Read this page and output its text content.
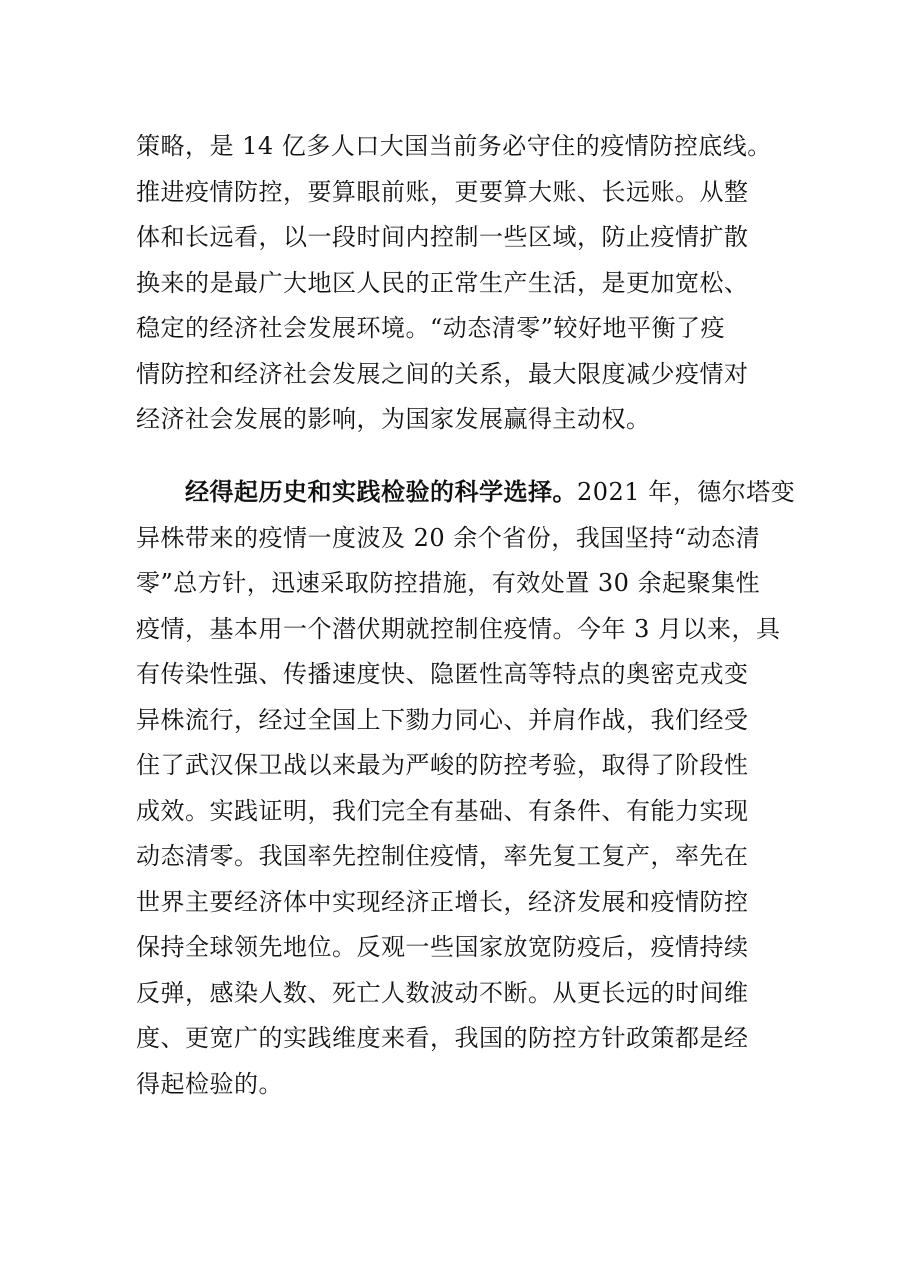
策略，是 14 亿多人口大国当前务必守住的疫情防控底线。
推进疫情防控，要算眼前账，更要算大账、长远账。从整
体和长远看，以一段时间内控制一些区域，防止疫情扩散
换来的是最广大地区人民的正常生产生活，是更加宽松、
稳定的经济社会发展环境。“动态清零”较好地平衡了疫
情防控和经济社会发展之间的关系，最大限度减少疫情对
经济社会发展的影响，为国家发展赢得主动权。
　　经得起历史和实践检验的科学选择。2021 年，德尔塔变
异株带来的疫情一度波及 20 余个省份，我国坚持“动态清
零”总方针，迅速采取防控措施，有效处置 30 余起聚集性
疫情，基本用一个潜伏期就控制住疫情。今年 3 月以来，具
有传染性强、传播速度快、隐匿性高等特点的奥密克戎变
异株流行，经过全国上下勠力同心、并肩作战，我们经受
住了武汉保卫战以来最为严峻的防控考验，取得了阶段性
成效。实践证明，我们完全有基础、有条件、有能力实现
动态清零。我国率先控制住疫情，率先复工复产，率先在
世界主要经济体中实现经济正增长，经济发展和疫情防控
保持全球领先地位。反观一些国家放宽防疫后，疫情持续
反弹，感染人数、死亡人数波动不断。从更长远的时间维
度、更宽广的实践维度来看，我国的防控方针政策都是经
得起检验的。
